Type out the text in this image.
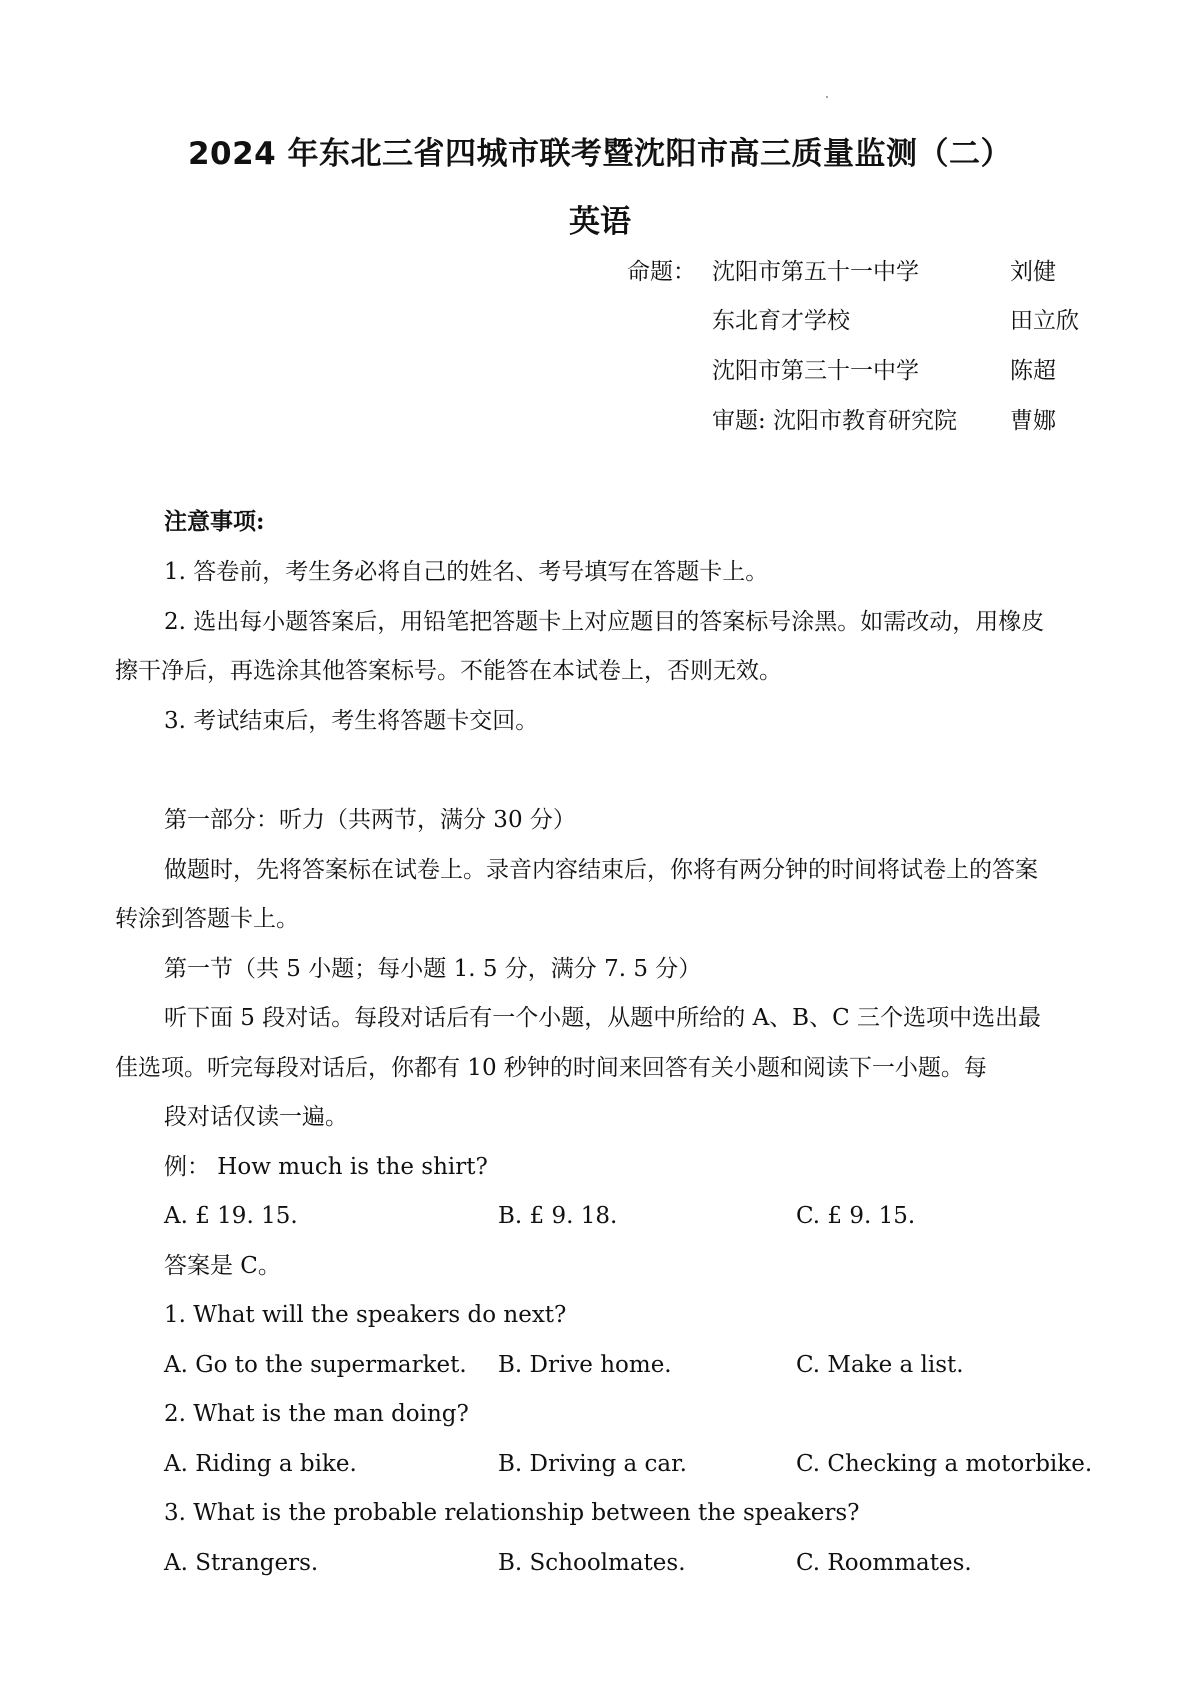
2024 年东北三省四城市联考暨沈阳市高三质量监测（二）
英语
命题： 沈阳市第五十一中学	刘健
东北育才学校	田立欣
沈阳市第三十一中学	陈超
审题: 沈阳市教育研究院 曹娜
注意事项:
1. 答卷前，考生务必将自己的姓名、考号填写在答题卡上。
2. 选出每小题答案后，用铅笔把答题卡上对应题目的答案标号涂黑。如需改动，用橡皮
擦干净后，再选涂其他答案标号。不能答在本试卷上，否则无效。
3. 考试结束后，考生将答题卡交回。
第一部分：听力（共两节，满分 30 分）
做题时，先将答案标在试卷上。录音内容结束后，你将有两分钟的时间将试卷上的答案
转涂到答题卡上。
第一节（共 5 小题；每小题 1. 5 分，满分 7. 5 分）
听下面 5 段对话。每段对话后有一个小题，从题中所给的 A、B、C 三个选项中选出最
佳选项。听完每段对话后，你都有 10 秒钟的时间来回答有关小题和阅读下一小题。每
段对话仅读一遍。
例： How much is the shirt?
A. £ 19. 15.	B. £ 9. 18.	C. £ 9. 15.
答案是 C。
1. What will the speakers do next?
A. Go to the supermarket. B. Drive home.	C. Make a list.
2. What is the man doing?
A. Riding a bike.	B. Driving a car.	C. Checking a motorbike.
3. What is the probable relationship between the speakers?
A. Strangers.	B. Schoolmates.	C. Roommates.
